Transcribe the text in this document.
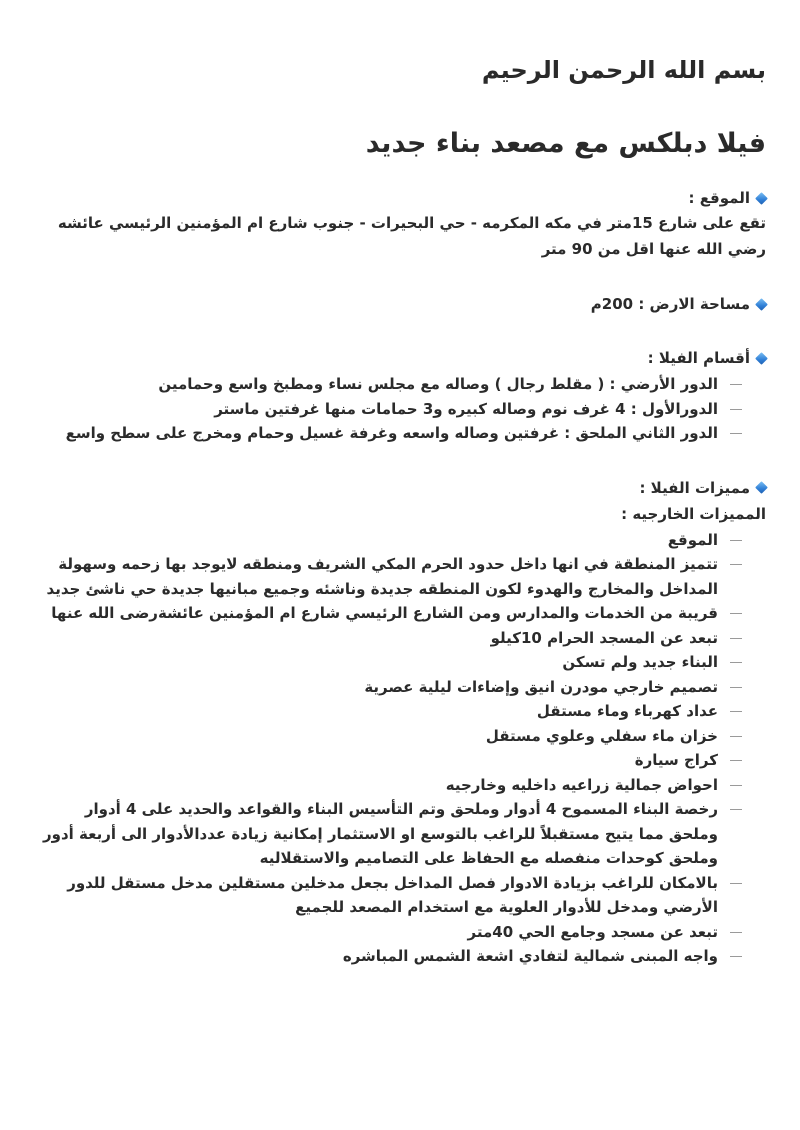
بسم الله الرحمن الرحيم
فيلا دبلكس مع مصعد بناء جديد
الموقع :

تقع على شارع 15متر في مكه المكرمه - حي البحيرات - جنوب شارع ام المؤمنين الرئيسي عائشه رضي الله عنها اقل من 90 متر

مساحة الارض : 200م
أقسام الفيلا :
الدور الأرضي : ( مقلط رجال ) وصاله مع مجلس نساء ومطبخ واسع وحمامين
الدورالأول : 4 غرف نوم وصاله كبيره و3 حمامات منها غرفتين ماستر
الدور الثاني الملحق : غرفتين وصاله واسعه وغرفة غسيل وحمام ومخرج على سطح واسع
مميزات الفيلا :
المميزات الخارجيه :
الموقع
تتميز المنطقة في انها داخل حدود الحرم المكي الشريف ومنطقه لايوجد بها زحمه وسهولة المداخل والمخارج والهدوء لكون المنطقه جديدة وناشئه وجميع مبانيها جديدة حي ناشئ جديد
قريبة من الخدمات والمدارس ومن الشارع الرئيسي شارع ام المؤمنين عائشةرضى الله عنها
تبعد عن المسجد الحرام 10كيلو
البناء جديد ولم تسكن
تصميم خارجي مودرن انيق وإضاءات ليلية عصرية
عداد كهرباء وماء مستقل
خزان ماء سفلي وعلوي مستقل
كراج سيارة
احواض جمالية زراعيه داخليه وخارجيه
رخصة البناء المسموح 4 أدوار وملحق وتم التأسيس البناء والقواعد والحديد على 4 أدوار وملحق مما يتيح مستقبلاً للراغب بالتوسع او الاستثمار إمكانية زيادة عددالأدوار الى أربعة أدور وملحق كوحدات منفصله مع الحفاظ على التصاميم والاستقلاليه
بالامكان للراغب بزيادة الادوار فصل المداخل بجعل مدخلين مستقلين مدخل مستقل للدور الأرضي ومدخل للأدوار العلوية مع استخدام المصعد للجميع
تبعد عن مسجد وجامع الحي 40متر
واجه المبنى شمالية لتفادي اشعة الشمس المباشره
